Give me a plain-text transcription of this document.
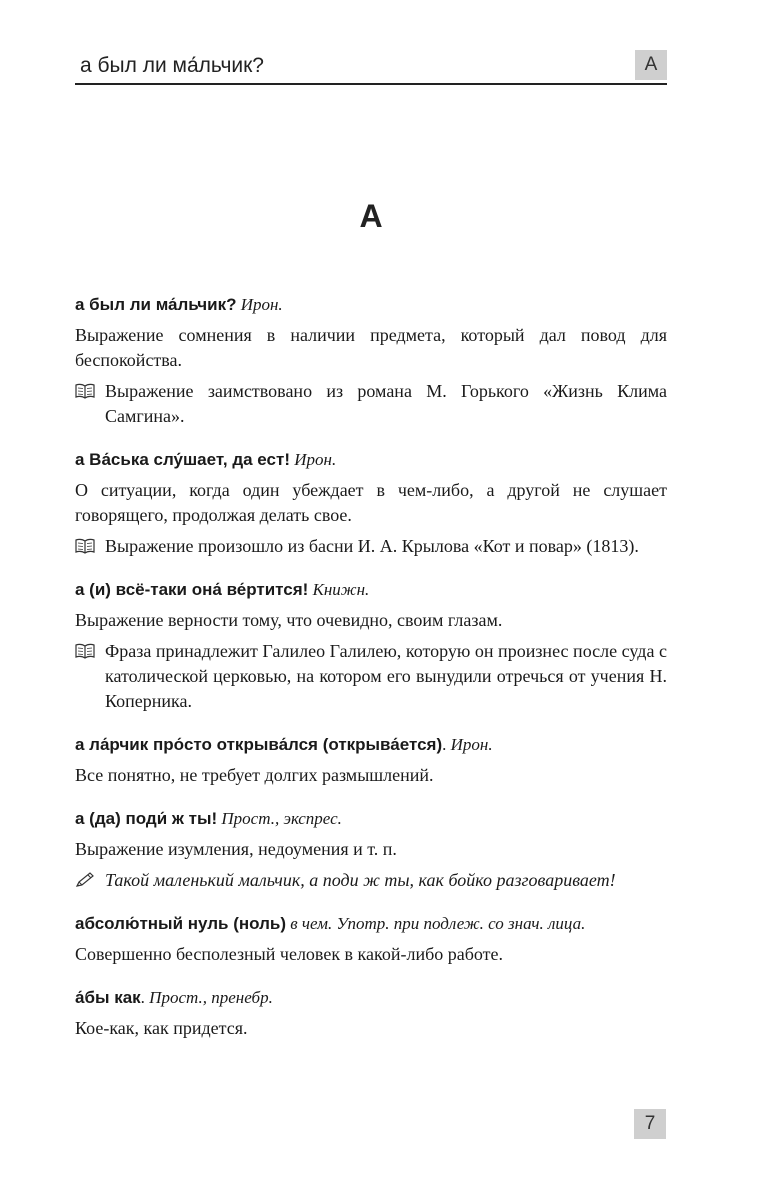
а был ли ма́льчик?	А
А
а был ли ма́льчик? Ирон.
Выражение сомнения в наличии предмета, который дал повод для беспокойства.
Выражение заимствовано из романа М. Горького «Жизнь Клима Самгина».
а Ва́ська слу́шает, да ест! Ирон.
О ситуации, когда один убеждает в чем-либо, а другой не слушает говорящего, продолжая делать свое.
Выражение произошло из басни И. А. Крылова «Кот и повар» (1813).
а (и) всё-таки она́ ве́ртится! Книжн.
Выражение верности тому, что очевидно, своим глазам.
Фраза принадлежит Галилео Галилею, которую он произнес после суда с католической церковью, на котором его вынудили отречься от учения Н. Коперника.
а ла́рчик про́сто открыва́лся (открыва́ется). Ирон.
Все понятно, не требует долгих размышлений.
а (да) поди́ ж ты! Прост., экспрес.
Выражение изумления, недоумения и т. п.
Такой маленький мальчик, а поди ж ты, как бойко разговаривает!
абсолю́тный нуль (ноль) в чем. Употр. при подлеж. со знач. лица.
Совершенно бесполезный человек в какой-либо работе.
а́бы как. Прост., пренебр.
Кое-как, как придется.
7
